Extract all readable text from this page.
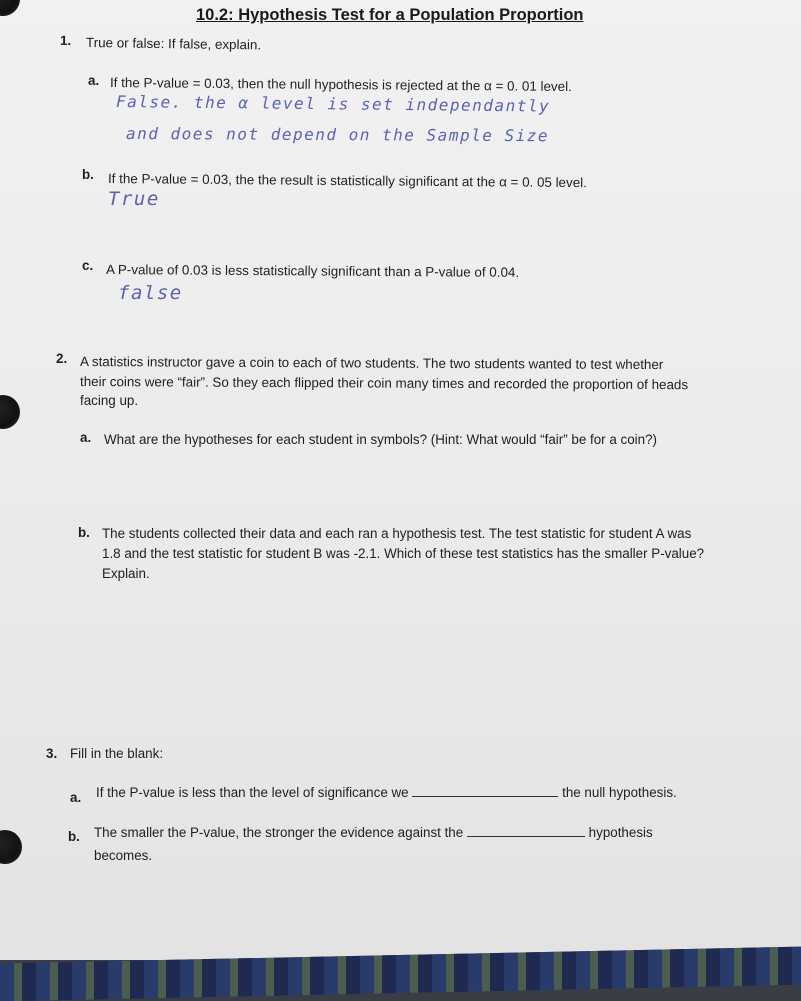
10.2: Hypothesis Test for a Population Proportion
1. True or false: If false, explain.
a. If the P-value = 0.03, then the null hypothesis is rejected at the α = 0. 01 level.
False. the α level is set independantly
and does not depend on the Sample Size
b. If the P-value = 0.03, the the result is statistically significant at the α = 0. 05 level.
True
c. A P-value of 0.03 is less statistically significant than a P-value of 0.04.
false
2. A statistics instructor gave a coin to each of two students. The two students wanted to test whether
their coins were “fair”. So they each flipped their coin many times and recorded the proportion of heads
facing up.
a. What are the hypotheses for each student in symbols? (Hint: What would “fair” be for a coin?)
b. The students collected their data and each ran a hypothesis test. The test statistic for student A was
1.8 and the test statistic for student B was -2.1. Which of these test statistics has the smaller P-value?
Explain.
3. Fill in the blank:
a. If the P-value is less than the level of significance we	the null hypothesis.
b. The smaller the P-value, the stronger the evidence against the	hypothesis
becomes.
